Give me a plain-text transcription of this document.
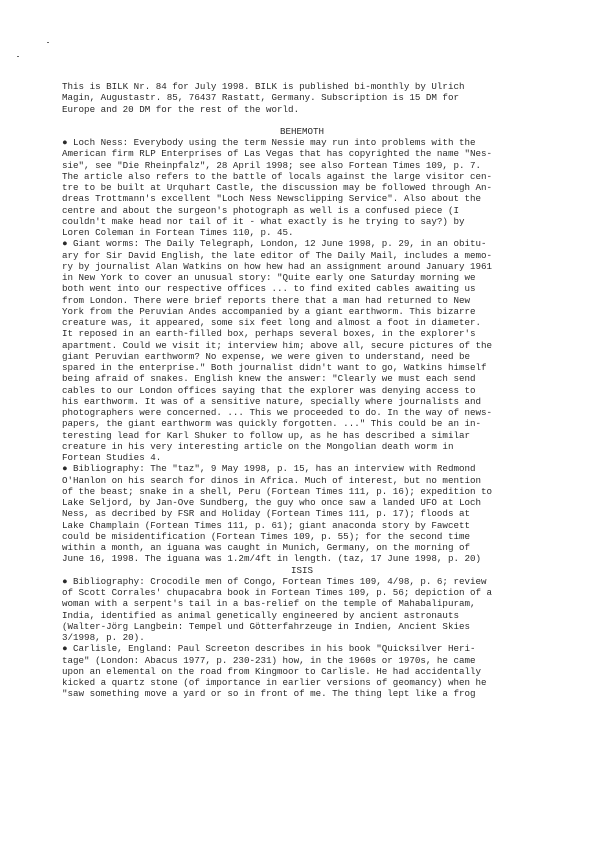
This is BILK Nr. 84 for July 1998. BILK is published bi-monthly by Ulrich
Magin, Augustastr. 85, 76437 Rastatt, Germany. Subscription is 15 DM for
Europe and 20 DM for the rest of the world.
BEHEMOTH
● Loch Ness: Everybody using the term Nessie may run into problems with the
American firm RLP Enterprises of Las Vegas that has copyrighted the name "Nes-
sie", see "Die Rheinpfalz", 28 April 1998; see also Fortean Times 109, p. 7.
The article also refers to the battle of locals against the large visitor cen-
tre to be built at Urquhart Castle, the discussion may be followed through An-
dreas Trottmann's excellent "Loch Ness Newsclipping Service". Also about the
centre and about the surgeon's photograph as well is a confused piece (I
couldn't make head nor tail of it - what exactly is he trying to say?) by
Loren Coleman in Fortean Times 110, p. 45.
● Giant worms: The Daily Telegraph, London, 12 June 1998, p. 29, in an obitu-
ary for Sir David English, the late editor of The Daily Mail, includes a memo-
ry by journalist Alan Watkins on how hew had an assignment around January 1961
in New York to cover an unusual story: "Quite early one Saturday morning we
both went into our respective offices ... to find exited cables awaiting us
from London. There were brief reports there that a man had returned to New
York from the Peruvian Andes accompanied by a giant earthworm. This bizarre
creature was, it appeared, some six feet long and almost a foot in diameter.
It reposed in an earth-filled box, perhaps several boxes, in the explorer's
apartment. Could we visit it; interview him; above all, secure pictures of the
giant Peruvian earthworm? No expense, we were given to understand, need be
spared in the enterprise." Both journalist didn't want to go, Watkins himself
being afraid of snakes. English knew the answer: "Clearly we must each send
cables to our London offices saying that the explorer was denying access to
his earthworm. It was of a sensitive nature, specially where journalists and
photographers were concerned. ... This we proceeded to do. In the way of news-
papers, the giant earthworm was quickly forgotten. ..." This could be an in-
teresting lead for Karl Shuker to follow up, as he has described a similar
creature in his very interesting article on the Mongolian death worm in
Fortean Studies 4.
● Bibliography: The "taz", 9 May 1998, p. 15, has an interview with Redmond
O'Hanlon on his search for dinos in Africa. Much of interest, but no mention
of the beast; snake in a shell, Peru (Fortean Times 111, p. 16); expedition to
Lake Seljord, by Jan-Ove Sundberg, the guy who once saw a landed UFO at Loch
Ness, as decribed by FSR and Holiday (Fortean Times 111, p. 17); floods at
Lake Champlain (Fortean Times 111, p. 61); giant anaconda story by Fawcett
could be misidentification (Fortean Times 109, p. 55); for the second time
within a month, an iguana was caught in Munich, Germany, on the morning of
June 16, 1998. The iguana was 1.2m/4ft in length. (taz, 17 June 1998, p. 20)
ISIS
● Bibliography: Crocodile men of Congo, Fortean Times 109, 4/98, p. 6; review
of Scott Corrales' chupacabra book in Fortean Times 109, p. 56; depiction of a
woman with a serpent's tail in a bas-relief on the temple of Mahabalipuram,
India, identified as animal genetically engineered by ancient astronauts
(Walter-Jörg Langbein: Tempel und Götterfahrzeuge in Indien, Ancient Skies
3/1998, p. 20).
● Carlisle, England: Paul Screeton describes in his book "Quicksilver Heri-
tage" (London: Abacus 1977, p. 230-231) how, in the 1960s or 1970s, he came
upon an elemental on the road from Kingmoor to Carlisle. He had accidentally
kicked a quartz stone (of importance in earlier versions of geomancy) when he
"saw something move a yard or so in front of me. The thing lept like a frog
